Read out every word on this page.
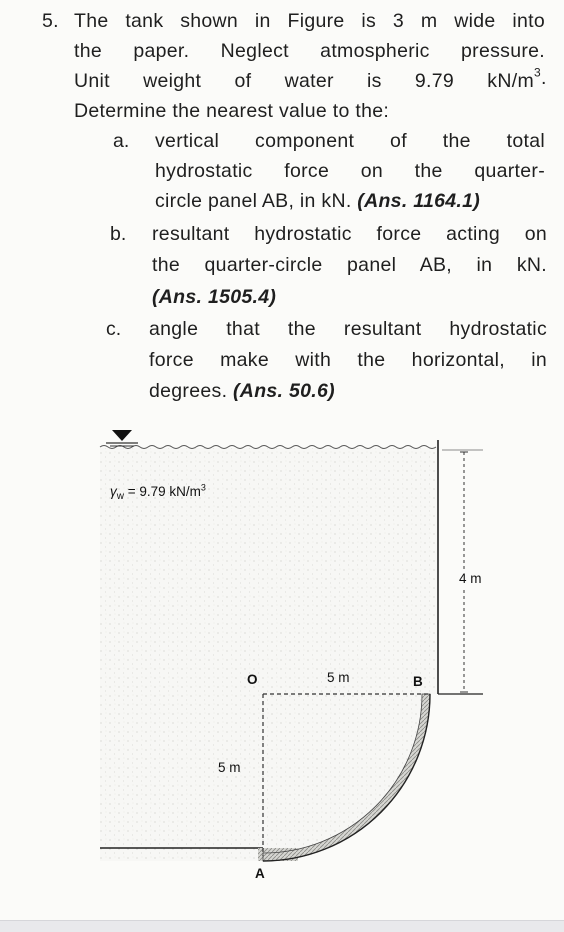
5. The tank shown in Figure is 3 m wide into
the paper. Neglect atmospheric pressure.
Unit weight of water is 9.79 kN/m $^3$.
Determine the nearest value to the:
a. vertical component of the total
hydrostatic force on the quarter-
circle panel AB, in kN. (Ans. 1164.1)
b. resultant hydrostatic force acting on
the quarter-circle panel AB, in kN.
(Ans. 1505.4)
c. angle that the resultant hydrostatic
force make with the horizontal, in
degrees. (Ans. 50.6)
$\gamma_w = 9.79$ $kN/m^3$
4 m
O	5 m	B
5 m
A
